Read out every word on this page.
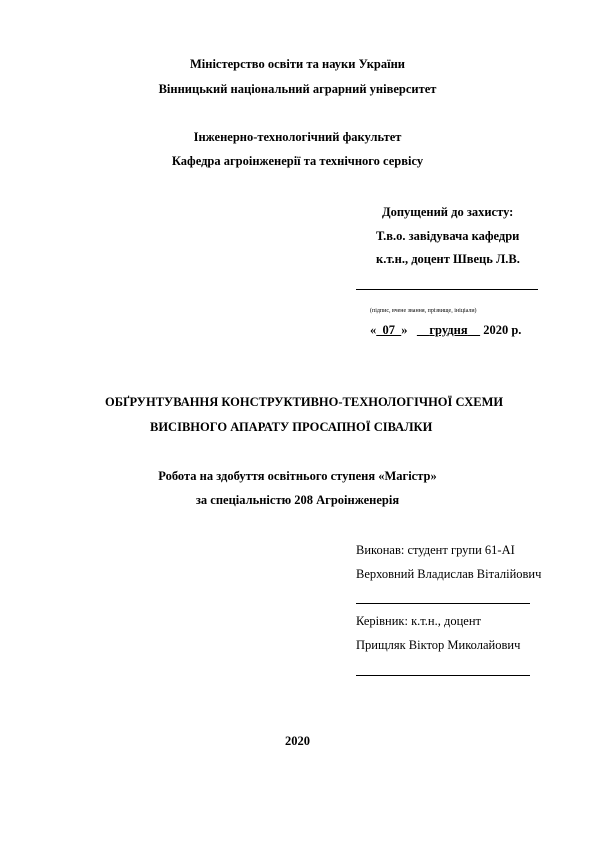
Міністерство освіти та науки України
Вінницький національний аграрний університет
Інженерно-технологічний факультет
Кафедра агроінженерії та технічного сервісу
Допущений до захисту:
Т.в.о. завідувача кафедри
к.т.н., доцент Швець Л.В.
(підпис, вчене звання, прізвище, ініціали)
« 07 » грудня 2020 р.
ОБҐРУНТУВАННЯ КОНСТРУКТИВНО-ТЕХНОЛОГІЧНОЇ СХЕМИ
ВИСІВНОГО АПАРАТУ ПРОСАПНОЇ СІВАЛКИ
Робота на здобуття освітнього ступеня «Магістр»
за спеціальністю 208 Агроінженерія
Виконав: студент групи 61-АІ
Верховний Владислав Віталійович
Керівник: к.т.н., доцент
Прищляк Віктор Миколайович
2020
